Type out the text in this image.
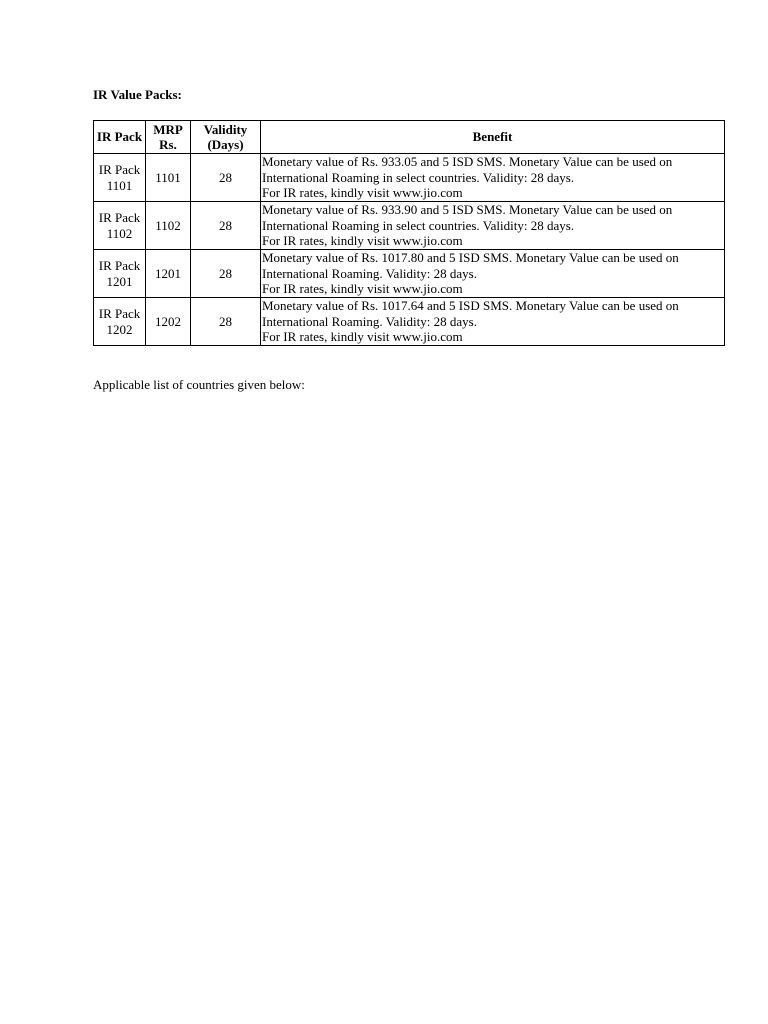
IR Value Packs:
IR Pack	MRP Rs.	Validity (Days)	Benefit
IR Pack 1101	1101	28	Monetary value of Rs. 933.05 and 5 ISD SMS. Monetary Value can be used on
International Roaming in select countries. Validity: 28 days.
For IR rates, kindly visit www.jio.com

IR Pack 1102	1102	28	Monetary value of Rs. 933.90 and 5 ISD SMS. Monetary Value can be used on
International Roaming in select countries. Validity: 28 days.
For IR rates, kindly visit www.jio.com

IR Pack 1201	1201	28	Monetary value of Rs. 1017.80 and 5 ISD SMS. Monetary Value can be used on
International Roaming. Validity: 28 days.
For IR rates, kindly visit www.jio.com

IR Pack 1202	1202	28	Monetary value of Rs. 1017.64 and 5 ISD SMS. Monetary Value can be used on
International Roaming. Validity: 28 days.
For IR rates, kindly visit www.jio.com
Applicable list of countries given below:
